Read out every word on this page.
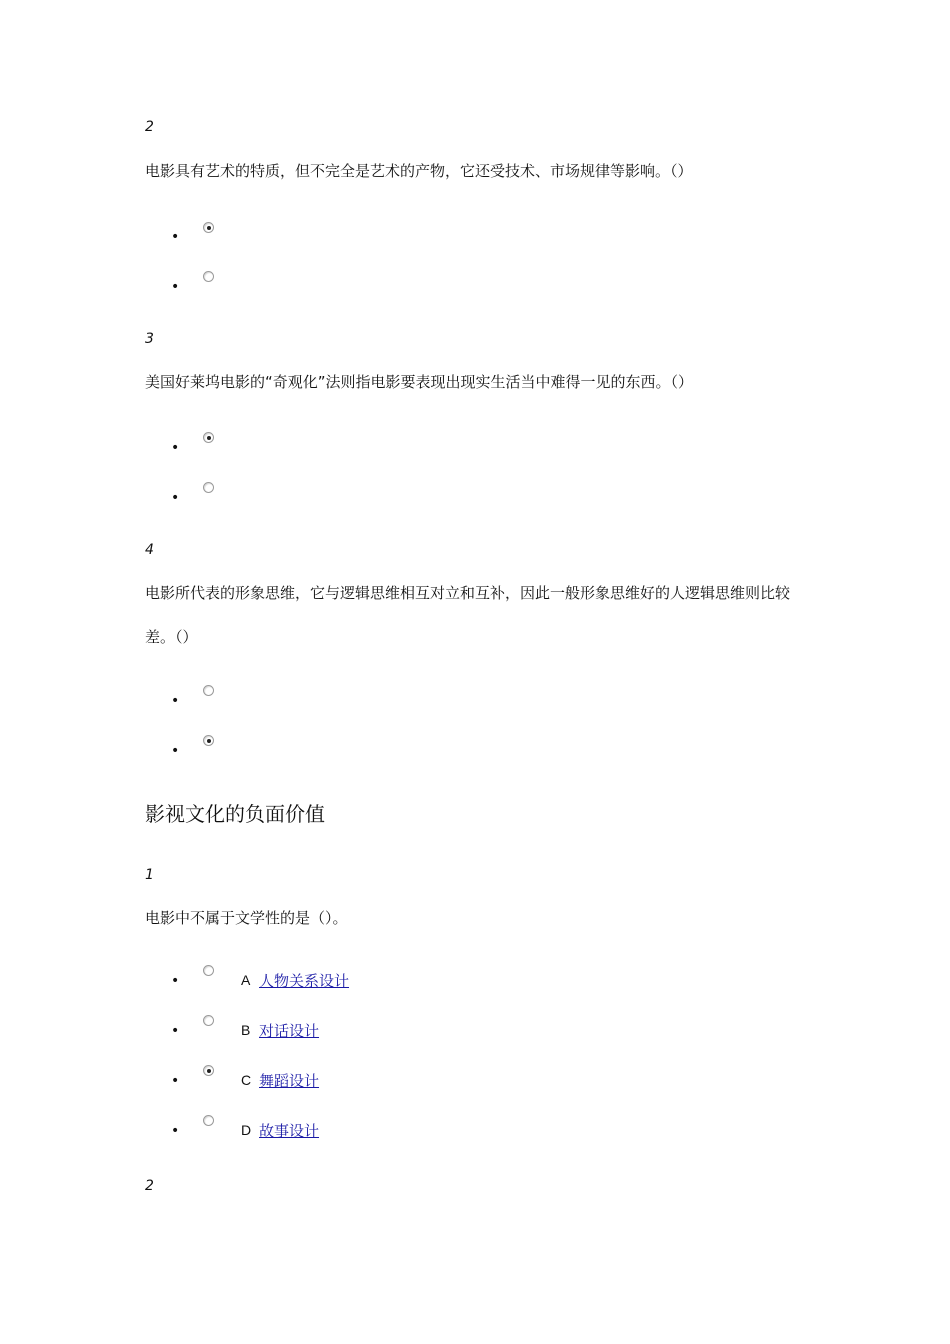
2
电影具有艺术的特质，但不完全是艺术的产物，它还受技术、市场规律等影响。（）
•
•
3
美国好莱坞电影的“奇观化”法则指电影要表现出现实生活当中难得一见的东西。（）
•
•
4
电影所代表的形象思维，它与逻辑思维相互对立和互补，因此一般形象思维好的人逻辑思维则比较差。（）
•
•
影视文化的负面价值
1
电影中不属于文学性的是（）。
•	A 人物关系设计
•	B 对话设计
•	C 舞蹈设计
•	D 故事设计
2
